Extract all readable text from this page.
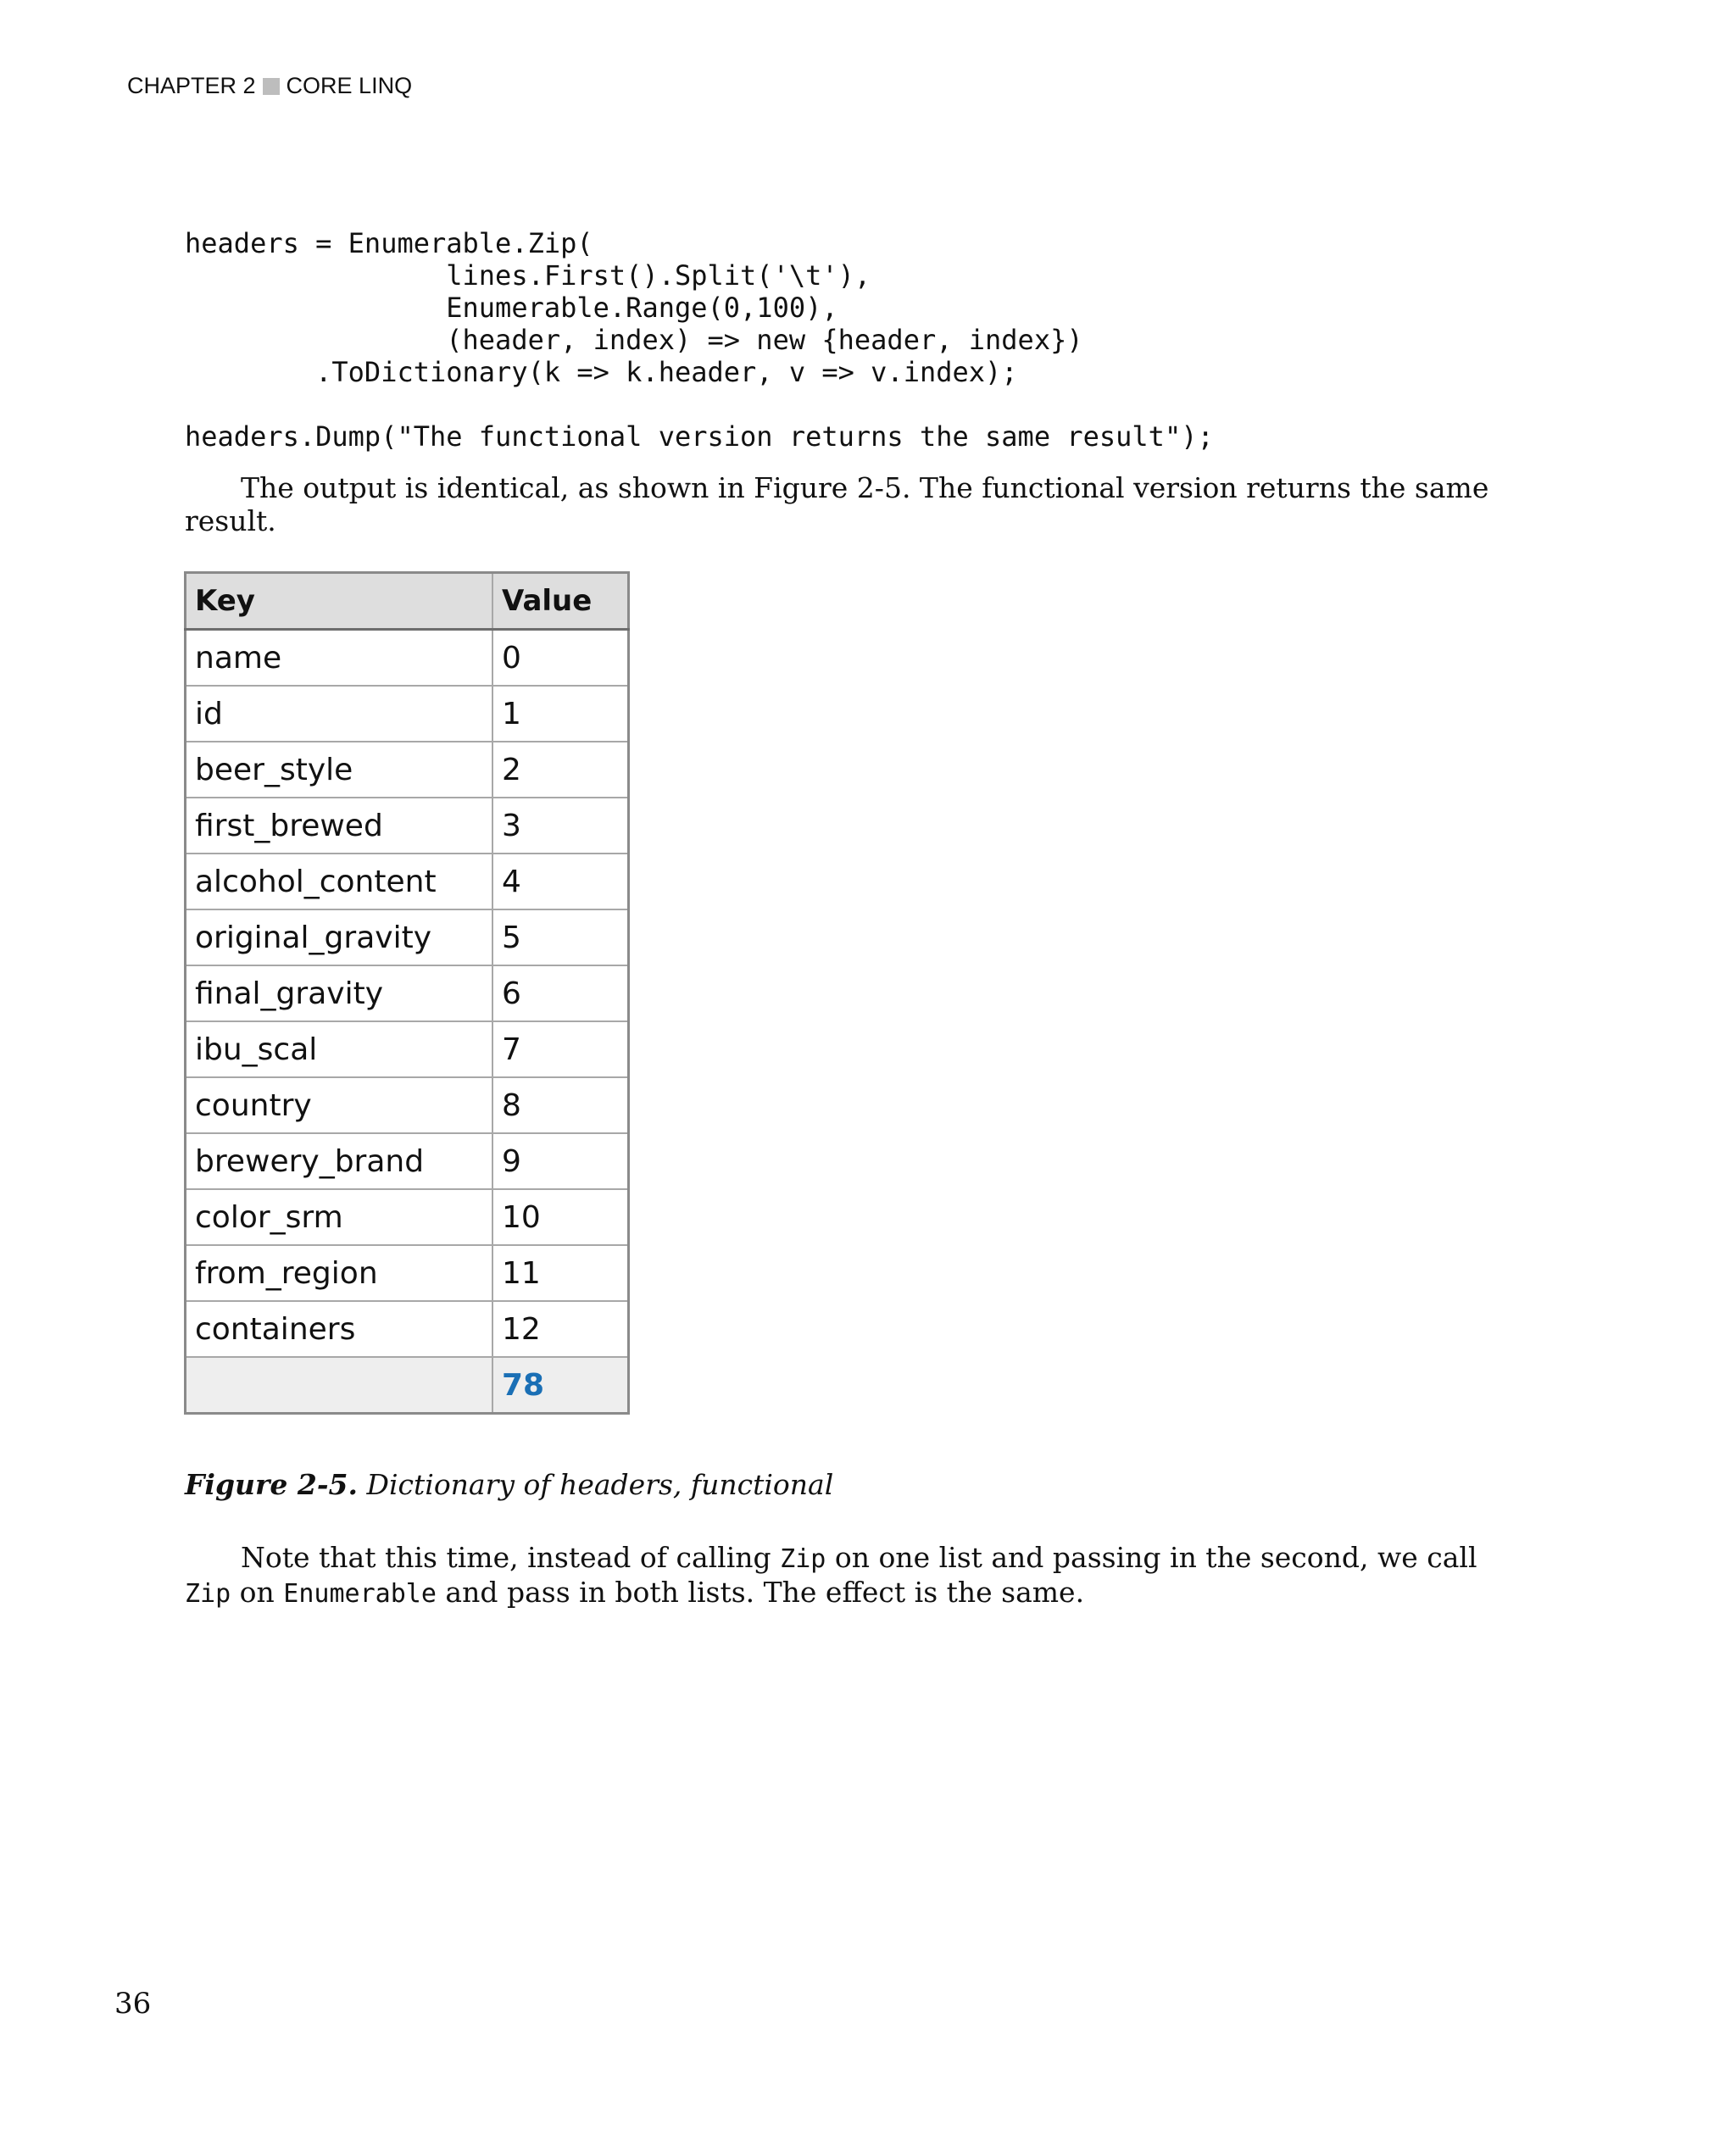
CHAPTER 2 CORE LINQ
headers = Enumerable.Zip(
lines.First().Split('\t'),
Enumerable.Range(0,100),
(header, index) => new {header, index})
.ToDictionary(k => k.header, v => v.index);
headers.Dump("The functional version returns the same result");

The output is identical, as shown in Figure 2-5. The functional version returns the same result.

Key	Value
name	0
id	1
beer_style	2
first_brewed	3
alcohol_content	4
original_gravity	5
final_gravity	6
ibu_scal	7
country	8
brewery_brand	9
color_srm	10
from_region	11
containers	12
	78
Figure 2-5. Dictionary of headers, functional

Note that this time, instead of calling Zip on one list and passing in the second, we call Zip on Enumerable and pass in both lists. The effect is the same.

36
